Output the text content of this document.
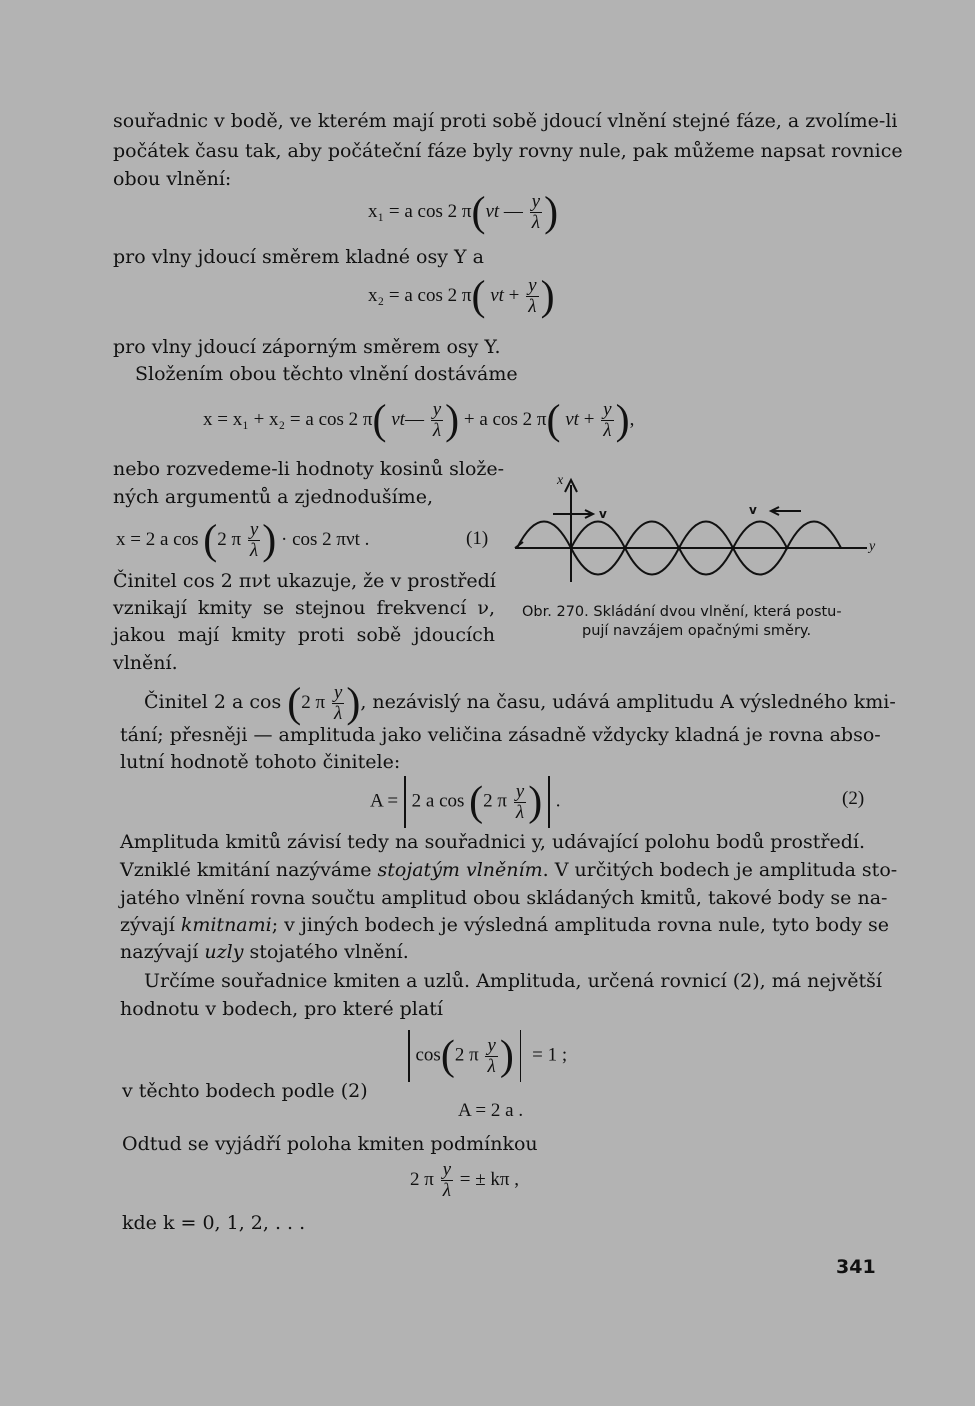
souřadnic v bodě, ve kterém mají proti sobě jdoucí vlnění stejné fáze, a zvolíme-li
počátek času tak, aby počáteční fáze byly rovny nule, pak můžeme napsat rovnice
obou vlnění:
x₁ = a cos 2 π(νt — $\frac{y}{\lambda}$ )
pro vlny jdoucí směrem kladné osy Y a
x₂ = a cos 2 π( $\nu t + \frac{y}{\lambda}$ )
pro vlny jdoucí záporným směrem osy Y.
Složením obou těchto vlnění dostáváme
x = x₁ + x₂ = a cos 2 π( νt— $\frac{y}{\lambda}$ ) + a cos 2 π( $\nu t + \frac{y}{\lambda}$ ),
nebo rozvedeme-li hodnoty kosinů slože-
ných argumentů a zjednodušíme,
x = 2 a cos (2 π $\frac{y}{\lambda}$ ) · cos 2 πνt .	(1)
Činitel cos 2 πνt ukazuje, že v prostředí
vznikají kmity se stejnou frekvencí ν,
jakou mají kmity proti sobě jdoucích
vlnění.
x
y
v	v
Obr. 270. Skládání dvou vlnění, která postu-
pují navzájem opačnými směry.
Činitel 2 a cos (2 π $\frac{y}{\lambda}$ ), nezávislý na času, udává amplitudu A výsledného kmi-
tání; přesněji — amplituda jako veličina zásadně vždycky kladná je rovna abso-
lutní hodnotě tohoto činitele:
A = 2 a cos (2 π $\frac{y}{\lambda}$ ) .	(2)
Amplituda kmitů závisí tedy na souřadnici y, udávající polohu bodů prostředí.
Vzniklé kmitání nazýváme stojatým vlněním. V určitých bodech je amplituda sto-
jatého vlnění rovna součtu amplitud obou skládaných kmitů, takové body se na-
zývají kmitnami; v jiných bodech je výsledná amplituda rovna nule, tyto body se
nazývají uzly stojatého vlnění.
Určíme souřadnice kmiten a uzlů. Amplituda, určená rovnicí (2), má největší
hodnotu v bodech, pro které platí
cos(2 π $\frac{y}{\lambda}$ ) = 1 ;
v těchto bodech podle (2)
A = 2 a .
Odtud se vyjádří poloha kmiten podmínkou
2 π $\frac{y}{\lambda}$ = ± kπ ,
kde k = 0, 1, 2, . . .
341
